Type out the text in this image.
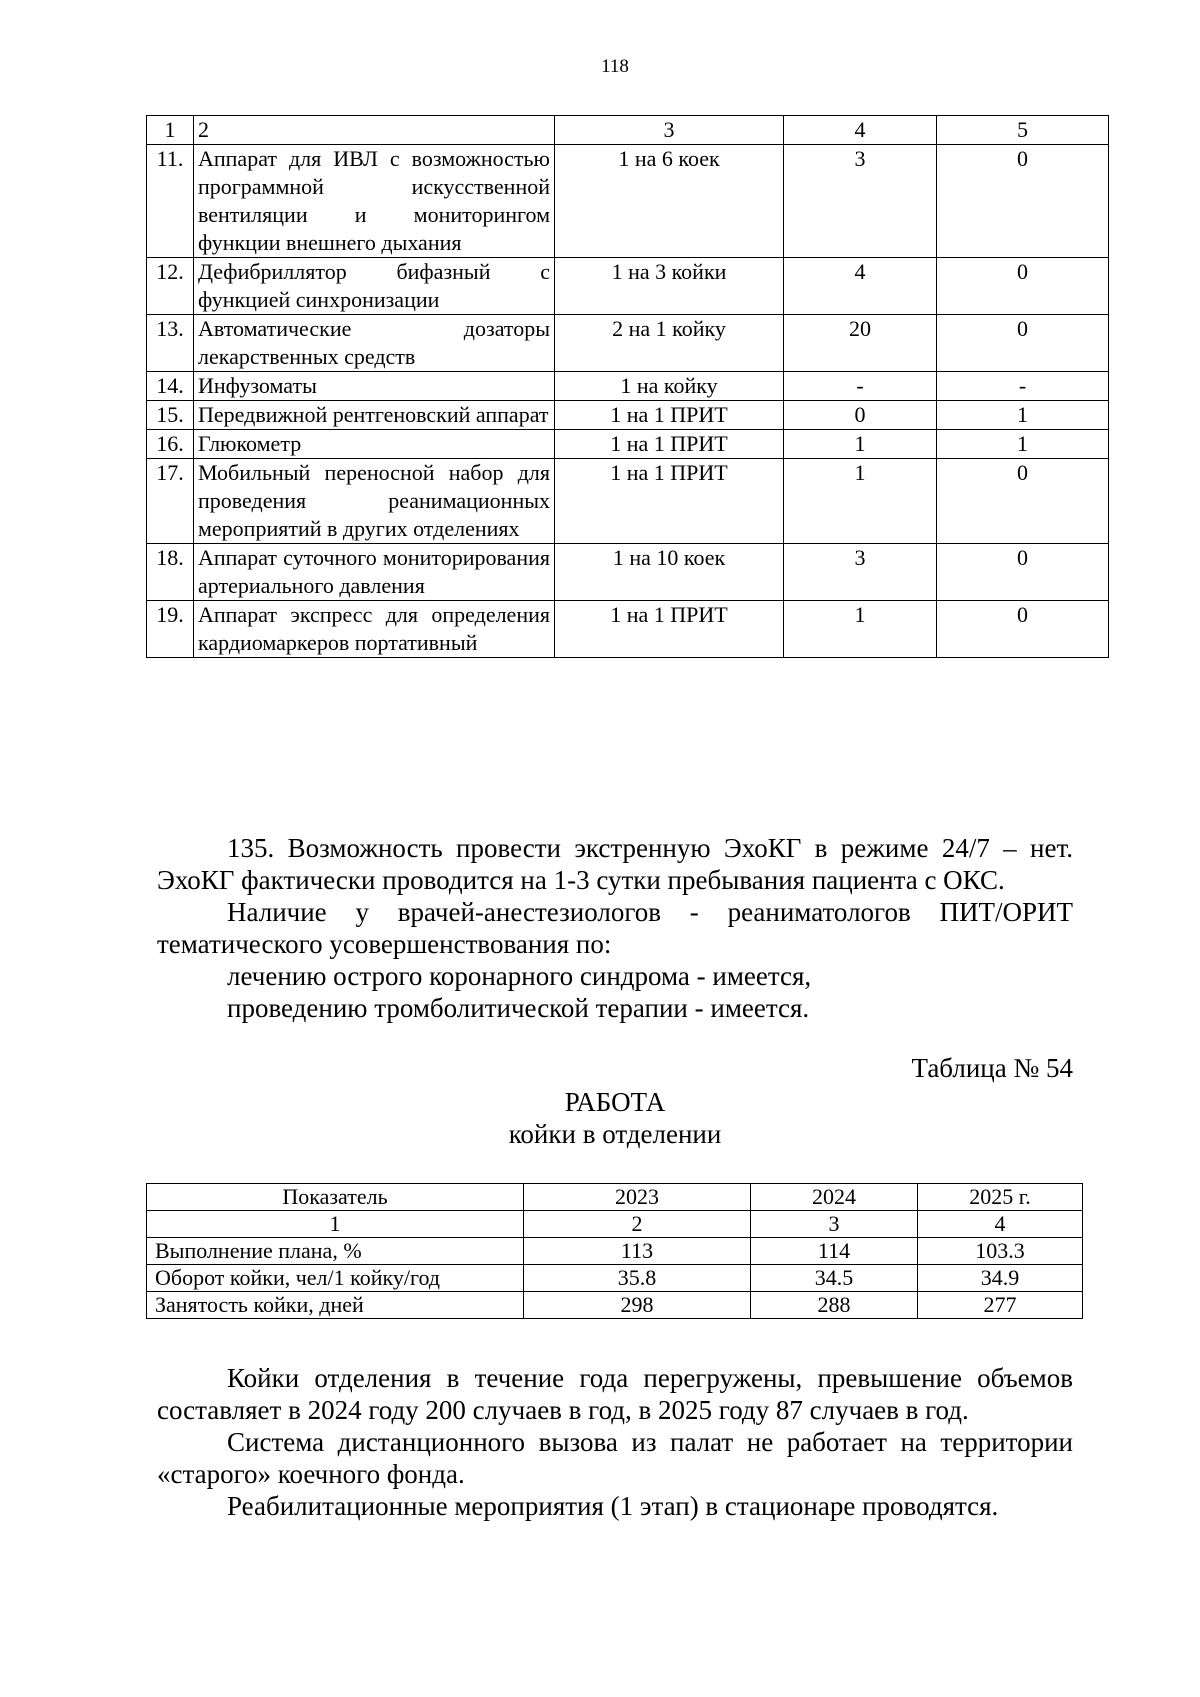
118
1	2	3	4	5
11.	Аппарат для ИВЛ с возможностью программной искусственной вентиляции и мониторингом функции внешнего дыхания	1 на 6 коек	3	0
12.	Дефибриллятор бифазный с функцией синхронизации	1 на 3 койки	4	0
13.	Автоматические дозаторы лекарственных средств	2 на 1 койку	20	0
14.	Инфузоматы	1 на койку	-	-
15.	Передвижной рентгеновский аппарат	1 на 1 ПРИТ	0	1
16.	Глюкометр	1 на 1 ПРИТ	1	1
17.	Мобильный переносной набор для проведения реанимационных мероприятий в других отделениях	1 на 1 ПРИТ	1	0
18.	Аппарат суточного мониторирования артериального давления	1 на 10 коек	3	0
19.	Аппарат экспресс для определения кардиомаркеров портативный	1 на 1 ПРИТ	1	0
135. Возможность провести экстренную ЭхоКГ в режиме 24/7 – нет. ЭхоКГ фактически проводится на 1-3 сутки пребывания пациента с ОКС.
Наличие у врачей-анестезиологов - реаниматологов ПИТ/ОРИТ тематического усовершенствования по:
лечению острого коронарного синдрома - имеется,
проведению тромболитической терапии - имеется.
Таблица № 54
РАБОТА
койки в отделении
Показатель	2023	2024	2025 г.
1	2	3	4
Выполнение плана, %	113	114	103.3
Оборот койки, чел/1 койку/год	35.8	34.5	34.9
Занятость койки, дней	298	288	277
Койки отделения в течение года перегружены, превышение объемов составляет в 2024 году 200 случаев в год, в 2025 году 87 случаев в год.
Система дистанционного вызова из палат не работает на территории «старого» коечного фонда.
Реабилитационные мероприятия (1 этап) в стационаре проводятся.
